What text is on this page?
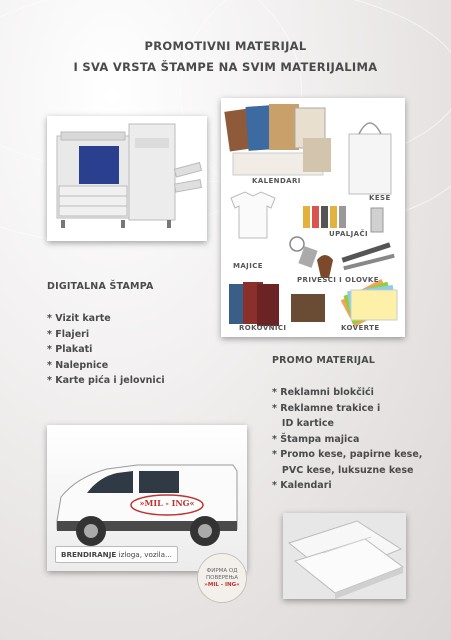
PROMOTIVNI MATERIJAL
I SVA VRSTA ŠTAMPE NA SVIM MATERIJALIMA
KALENDARI
KESE
UPALJAČI
MAJICE
PRIVESCI I OLOVKE
ROKOVNICI	KOVERTE
DIGITALNA ŠTAMPA
* Vizit karte
* Flajeri
* Plakati
* Nalepnice
* Karte pića i jelovnici
PROMO MATERIJAL
* Reklamni blokčići
* Reklamne trakice i
ID kartice
* Štampa majica
* Promo kese, papirne kese,
PVC kese, luksuzne kese
* Kalendari
»MIL - ING«
BRENDIRANJE izloga, vozila...
ФИРМА ОД
ПОВЕРЕЊА
»MIL - ING«
